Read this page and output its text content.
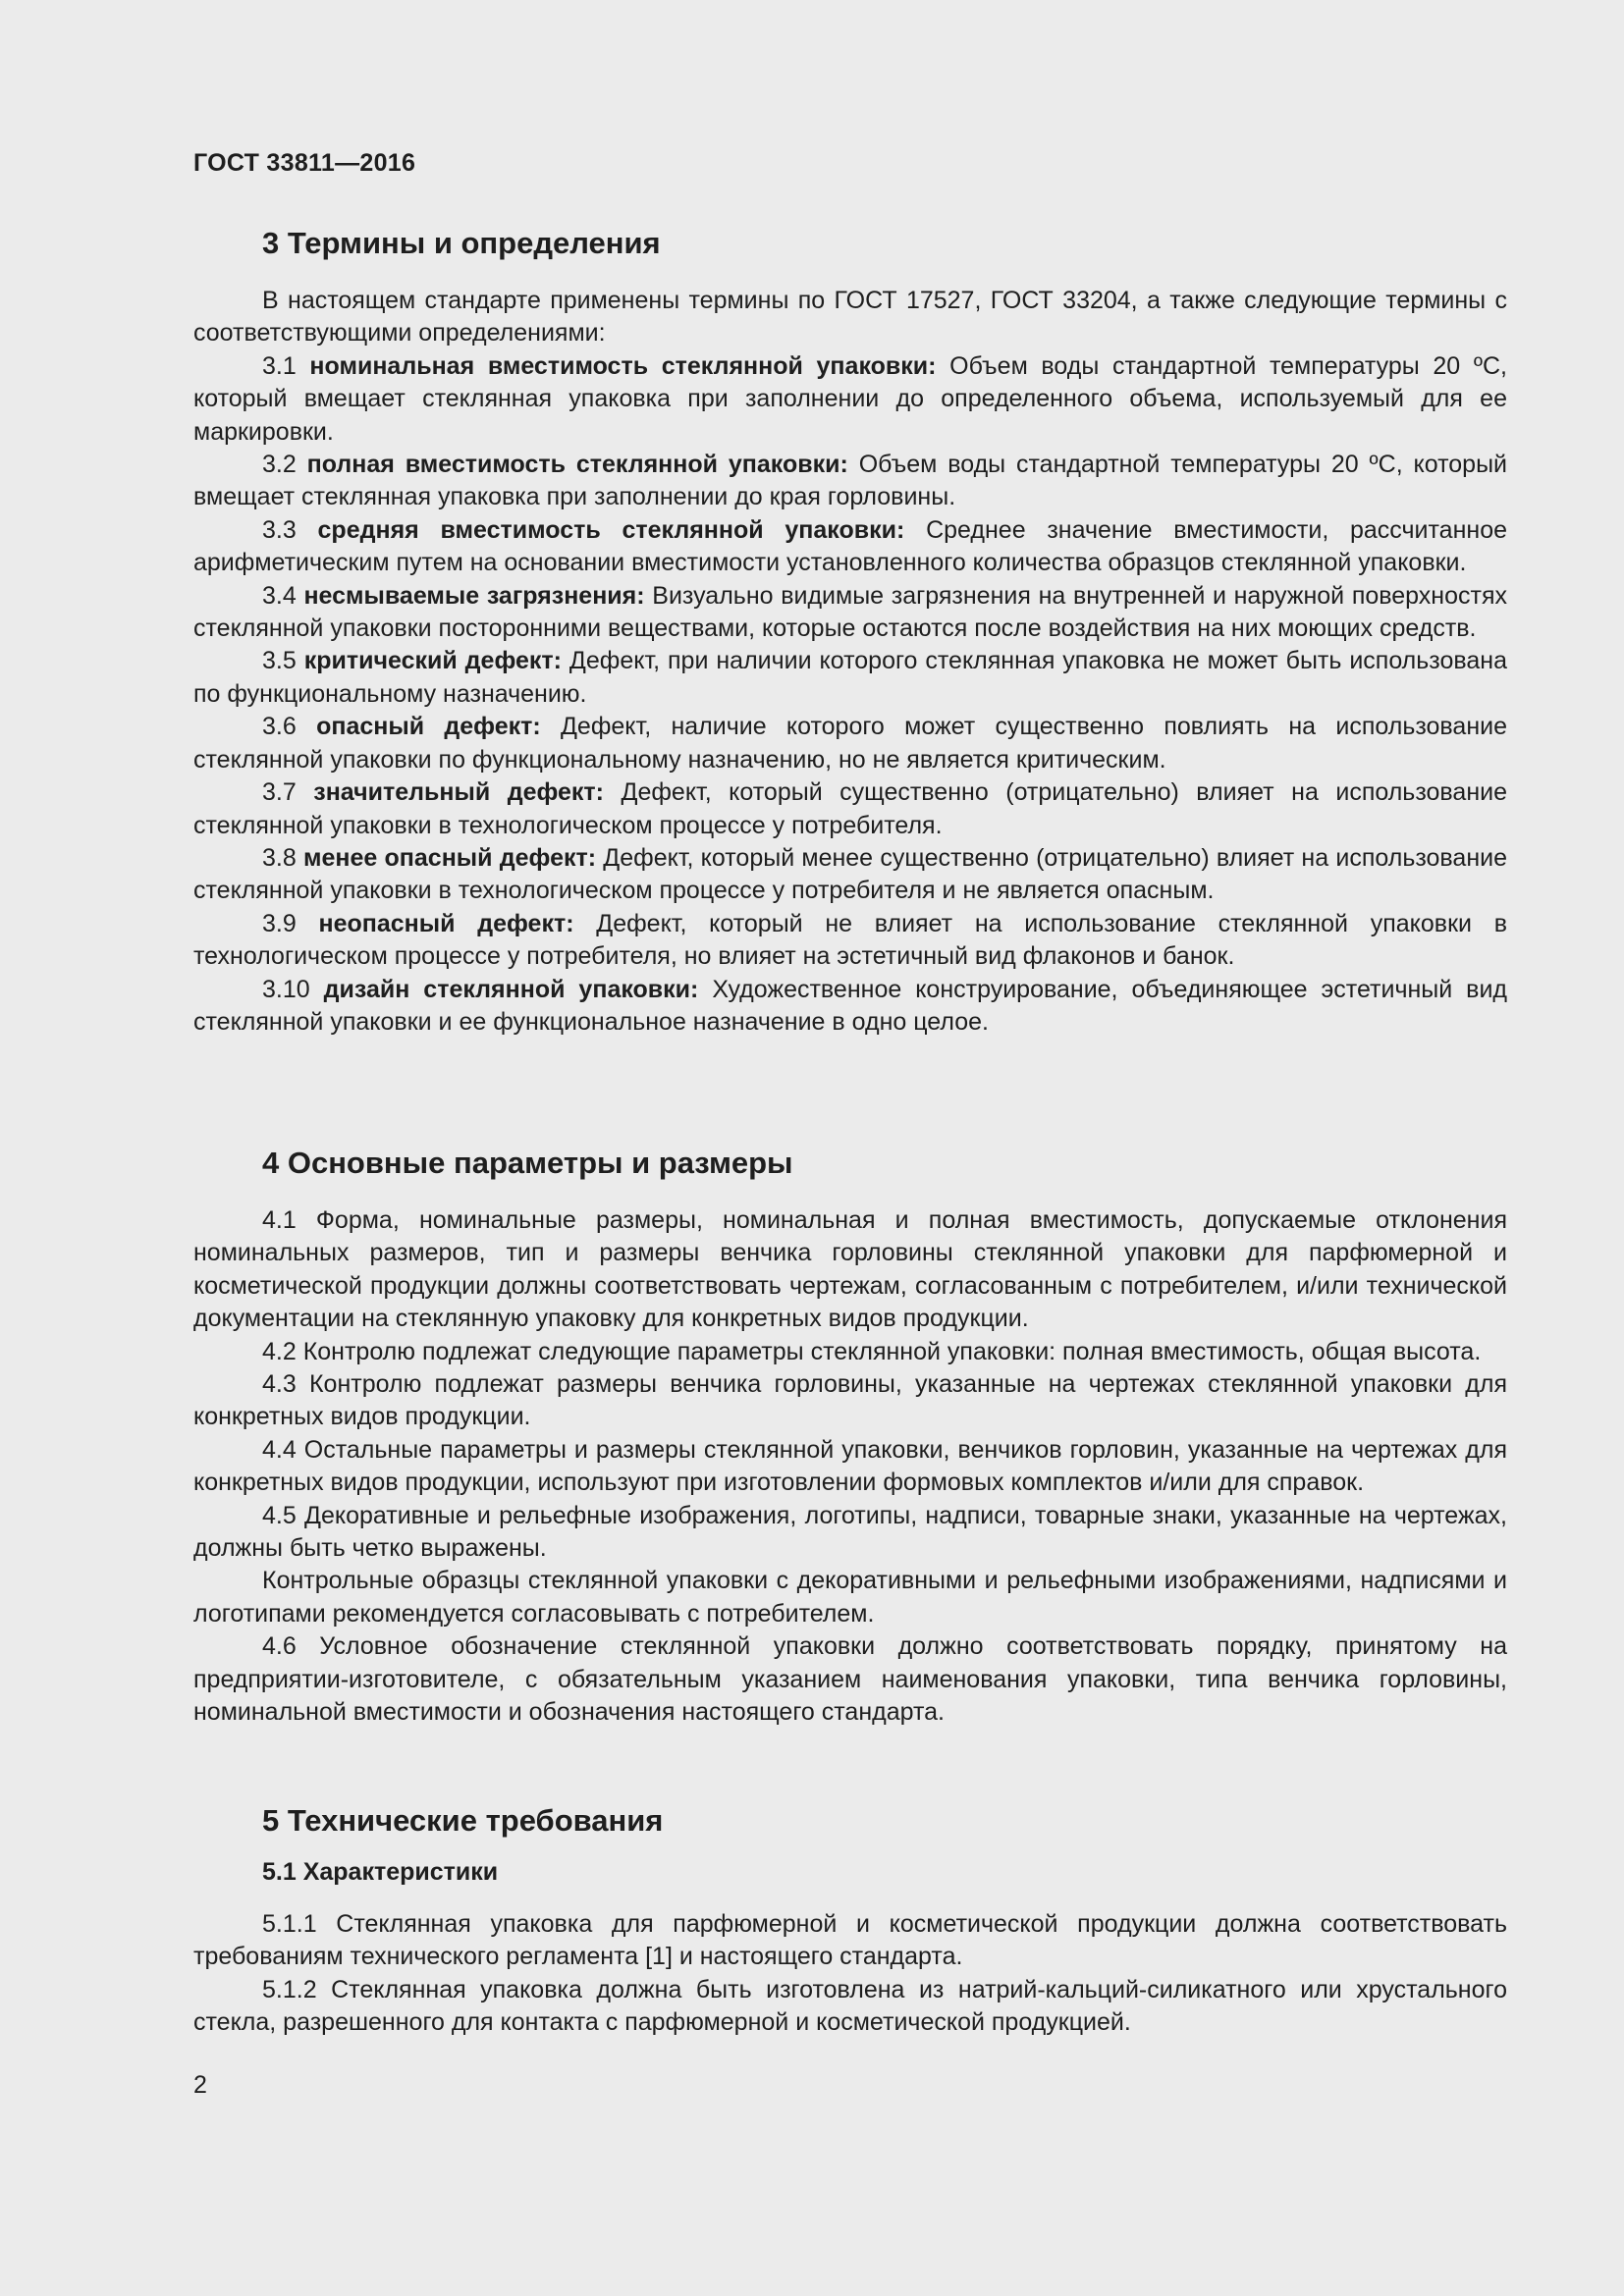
ГОСТ 33811—2016
3 Термины и определения

В настоящем стандарте применены термины по ГОСТ 17527, ГОСТ 33204, а также следующие термины с соответствующими определениями:

3.1 номинальная вместимость стеклянной упаковки: Объем воды стандартной температуры 20 ºС, который вмещает стеклянная упаковка при заполнении до определенного объема, используемый для ее маркировки.

3.2 полная вместимость стеклянной упаковки: Объем воды стандартной температуры 20 ºС, который вмещает стеклянная упаковка при заполнении до края горловины.

3.3 средняя вместимость стеклянной упаковки: Среднее значение вместимости, рассчитанное арифметическим путем на основании вместимости установленного количества образцов стеклянной упаковки.

3.4 несмываемые загрязнения: Визуально видимые загрязнения на внутренней и наружной поверхностях стеклянной упаковки посторонними веществами, которые остаются после воздействия на них моющих средств.

3.5 критический дефект: Дефект, при наличии которого стеклянная упаковка не может быть использована по функциональному назначению.

3.6 опасный дефект: Дефект, наличие которого может существенно повлиять на использование стеклянной упаковки по функциональному назначению, но не является критическим.

3.7 значительный дефект: Дефект, который существенно (отрицательно) влияет на использование стеклянной упаковки в технологическом процессе у потребителя.

3.8 менее опасный дефект: Дефект, который менее существенно (отрицательно) влияет на использование стеклянной упаковки в технологическом процессе у потребителя и не является опасным.

3.9 неопасный дефект: Дефект, который не влияет на использование стеклянной упаковки в технологическом процессе у потребителя, но влияет на эстетичный вид флаконов и банок.

3.10 дизайн стеклянной упаковки: Художественное конструирование, объединяющее эстетичный вид стеклянной упаковки и ее функциональное назначение в одно целое.

4 Основные параметры и размеры

4.1 Форма, номинальные размеры, номинальная и полная вместимость, допускаемые отклонения номинальных размеров, тип и размеры венчика горловины стеклянной упаковки для парфюмерной и косметической продукции должны соответствовать чертежам, согласованным с потребителем, и/или технической документации на стеклянную упаковку для конкретных видов продукции.

4.2 Контролю подлежат следующие параметры стеклянной упаковки: полная вместимость, общая высота.

4.3 Контролю подлежат размеры венчика горловины, указанные на чертежах стеклянной упаковки для конкретных видов продукции.

4.4 Остальные параметры и размеры стеклянной упаковки, венчиков горловин, указанные на чертежах для конкретных видов продукции, используют при изготовлении формовых комплектов и/или для справок.

4.5 Декоративные и рельефные изображения, логотипы, надписи, товарные знаки, указанные на чертежах, должны быть четко выражены.

Контрольные образцы стеклянной упаковки с декоративными и рельефными изображениями, надписями и логотипами рекомендуется согласовывать с потребителем.

4.6 Условное обозначение стеклянной упаковки должно соответствовать порядку, принятому на предприятии-изготовителе, с обязательным указанием наименования упаковки, типа венчика горловины, номинальной вместимости и обозначения настоящего стандарта.

5 Технические требования
5.1 Характеристики

5.1.1 Стеклянная упаковка для парфюмерной и косметической продукции должна соответствовать требованиям технического регламента [1] и настоящего стандарта.

5.1.2 Стеклянная упаковка должна быть изготовлена из натрий-кальций-силикатного или хрустального стекла, разрешенного для контакта с парфюмерной и косметической продукцией.

2
